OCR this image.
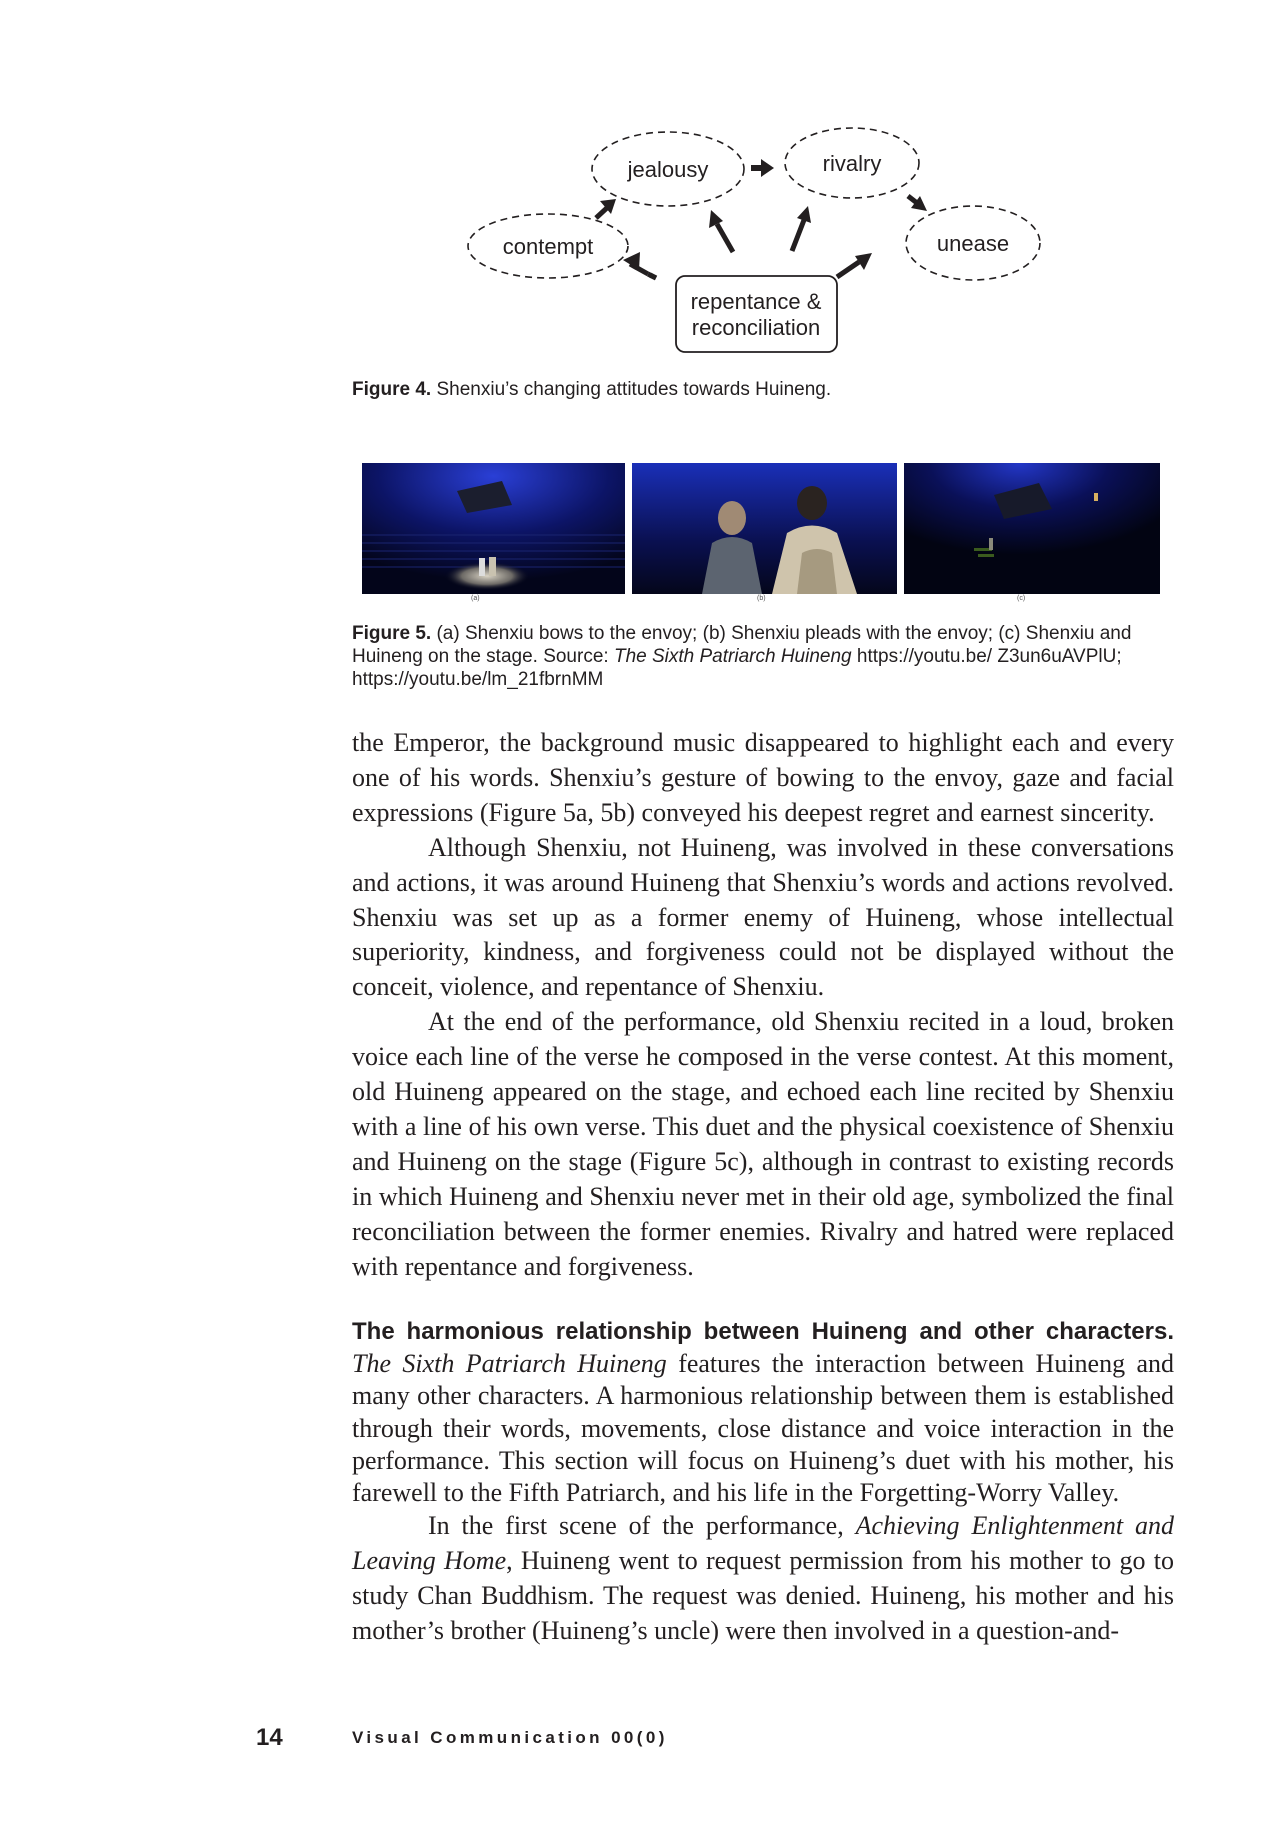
contempt
jealousy	rivalry
unease
repentance &
reconciliation
Figure 4. Shenxiu’s changing attitudes towards Huineng.
(a)	(b)	(c)
Figure 5. (a) Shenxiu bows to the envoy; (b) Shenxiu pleads with the envoy; (c) Shenxiu and Huineng on the stage. Source: The Sixth Patriarch Huineng https://youtu.be/ Z3un6uAVPlU; https://youtu.be/lm_21fbrnMM

the Emperor, the background music disappeared to highlight each and every one of his words. Shenxiu’s gesture of bowing to the envoy, gaze and facial expressions (Figure 5a, 5b) conveyed his deepest regret and earnest sincerity.

Although Shenxiu, not Huineng, was involved in these conversations and actions, it was around Huineng that Shenxiu’s words and actions revolved. Shenxiu was set up as a former enemy of Huineng, whose intellectual superiority, kindness, and forgiveness could not be displayed without the conceit, violence, and repentance of Shenxiu.

At the end of the performance, old Shenxiu recited in a loud, broken voice each line of the verse he composed in the verse contest. At this moment, old Huineng appeared on the stage, and echoed each line recited by Shenxiu with a line of his own verse. This duet and the physical coexistence of Shenxiu and Huineng on the stage (Figure 5c), although in contrast to existing records in which Huineng and Shenxiu never met in their old age, symbolized the final reconciliation between the former enemies. Rivalry and hatred were replaced with repentance and forgiveness.

The harmonious relationship between Huineng and other characters. The Sixth Patriarch Huineng features the interaction between Huineng and many other characters. A harmonious relationship between them is established through their words, movements, close distance and voice interaction in the performance. This section will focus on Huineng’s duet with his mother, his farewell to the Fifth Patriarch, and his life in the Forgetting-Worry Valley.

In the first scene of the performance, Achieving Enlightenment and Leaving Home, Huineng went to request permission from his mother to go to study Chan Buddhism. The request was denied. Huineng, his mother and his mother’s brother (Huineng’s uncle) were then involved in a question-and-

14	Visual Communication 00(0)
